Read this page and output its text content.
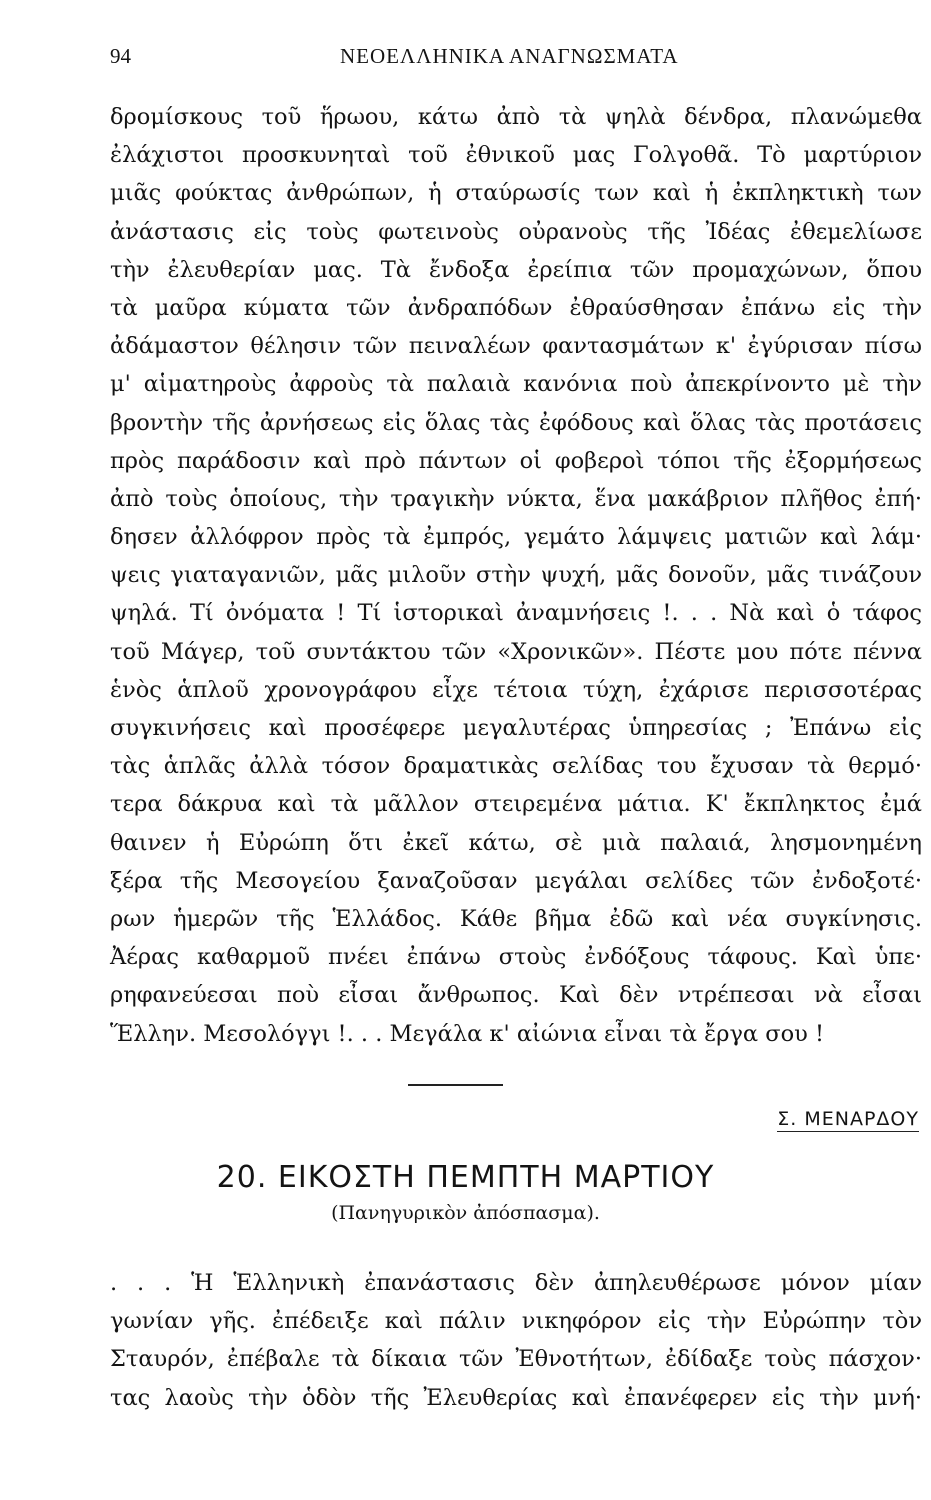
94	ΝΕΟΕΛΛΗΝΙΚΑ ΑΝΑΓΝΩΣΜΑΤΑ
δρομίσκους τοῦ ἥρωου, κάτω ἀπὸ τὰ ψηλὰ δένδρα, πλανώμεθα
ἐλάχιστοι προσκυνηταὶ τοῦ ἐθνικοῦ μας Γολγοθᾶ. Τὸ μαρτύριον
μιᾶς φούκτας ἀνθρώπων, ἡ σταύρωσίς των καὶ ἡ ἐκπληκτικὴ των
ἀνάστασις εἰς τοὺς φωτεινοὺς οὐρανοὺς τῆς Ἰδέας ἐθεμελίωσε
τὴν ἐλευθερίαν μας. Τὰ ἔνδοξα ἐρείπια τῶν προμαχώνων, ὅπου
τὰ μαῦρα κύματα τῶν ἀνδραπόδων ἐθραύσθησαν ἐπάνω εἰς τὴν
ἀδάμαστον θέλησιν τῶν πειναλέων φαντασμάτων κ' ἐγύρισαν πίσω
μ' αἱματηροὺς ἀφροὺς τὰ παλαιὰ κανόνια ποὺ ἀπεκρίνοντο μὲ τὴν
βροντὴν τῆς ἀρνήσεως εἰς ὅλας τὰς ἐφόδους καὶ ὅλας τὰς προτάσεις
πρὸς παράδοσιν καὶ πρὸ πάντων οἱ φοβεροὶ τόποι τῆς ἐξορμήσεως
ἀπὸ τοὺς ὁποίους, τὴν τραγικὴν νύκτα, ἕνα μακάβριον πλῆθος ἐπή·
δησεν ἀλλόφρον πρὸς τὰ ἐμπρός, γεμάτο λάμψεις ματιῶν καὶ λάμ·
ψεις γιαταγανιῶν, μᾶς μιλοῦν στὴν ψυχή, μᾶς δονοῦν, μᾶς τινάζουν
ψηλά. Τί ὀνόματα ! Τί ἱστορικαὶ ἀναμνήσεις !. . . Νὰ καὶ ὁ τάφος
τοῦ Μάγερ, τοῦ συντάκτου τῶν «Χρονικῶν». Πέστε μου πότε πέννα
ἑνὸς ἁπλοῦ χρονογράφου εἶχε τέτοια τύχη, ἐχάρισε περισσοτέρας
συγκινήσεις καὶ προσέφερε μεγαλυτέρας ὑπηρεσίας ; Ἐπάνω εἰς
τὰς ἁπλᾶς ἀλλὰ τόσον δραματικὰς σελίδας του ἔχυσαν τὰ θερμό·
τερα δάκρυα καὶ τὰ μᾶλλον στειρεμένα μάτια. Κ' ἔκπληκτος ἐμά
θαινεν ἡ Εὐρώπη ὅτι ἐκεῖ κάτω, σὲ μιὰ παλαιά, λησμονημένη
ξέρα τῆς Μεσογείου ξαναζοῦσαν μεγάλαι σελίδες τῶν ἐνδοξοτέ·
ρων ἡμερῶν τῆς Ἑλλάδος. Κάθε βῆμα ἐδῶ καὶ νέα συγκίνησις.
Ἀέρας καθαρμοῦ πνέει ἐπάνω στοὺς ἐνδόξους τάφους. Καὶ ὑπε·
ρηφανεύεσαι ποὺ εἶσαι ἄνθρωπος. Καὶ δὲν ντρέπεσαι νὰ εἶσαι
Ἕλλην. Μεσολόγγι !. . . Μεγάλα κ' αἰώνια εἶναι τὰ ἔργα σου !
Σ. ΜΕΝΑΡΔΟΥ
20. ΕΙΚΟΣΤΗ ΠΕΜΠΤΗ ΜΑΡΤΙΟΥ
(Πανηγυρικὸν ἀπόσπασμα).
. . . Ἡ Ἑλληνικὴ ἐπανάστασις δὲν ἀπηλευθέρωσε μόνον μίαν
γωνίαν γῆς. ἐπέδειξε καὶ πάλιν νικηφόρον εἰς τὴν Εὐρώπην τὸν
Σταυρόν, ἐπέβαλε τὰ δίκαια τῶν Ἐθνοτήτων, ἐδίδαξε τοὺς πάσχον·
τας λαοὺς τὴν ὁδὸν τῆς Ἐλευθερίας καὶ ἐπανέφερεν εἰς τὴν μνή·
